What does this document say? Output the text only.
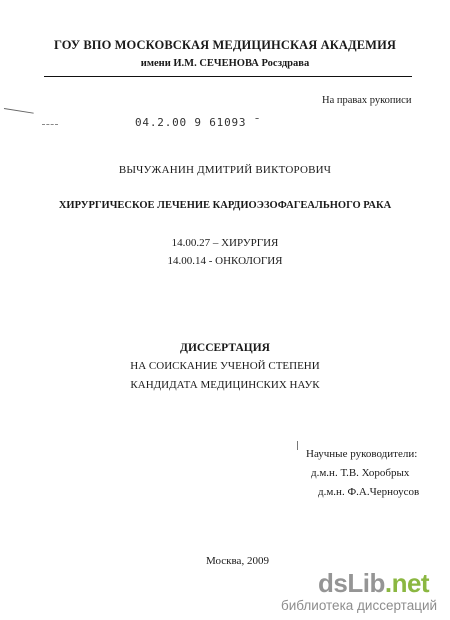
ГОУ ВПО МОСКОВСКАЯ МЕДИЦИНСКАЯ АКАДЕМИЯ
имени И.М. СЕЧЕНОВА Росздрава
На правах рукописи
04.2.00 9 61093 ˉ
ВЫЧУЖАНИН ДМИТРИЙ ВИКТОРОВИЧ
ХИРУРГИЧЕСКОЕ ЛЕЧЕНИЕ КАРДИОЭЗОФАГЕАЛЬНОГО РАКА
14.00.27 – ХИРУРГИЯ
14.00.14 - ОНКОЛОГИЯ
ДИССЕРТАЦИЯ
НА СОИСКАНИЕ УЧЕНОЙ СТЕПЕНИ
КАНДИДАТА МЕДИЦИНСКИХ НАУК
Научные руководители:
д.м.н. Т.В. Хоробрых
д.м.н. Ф.А.Черноусов
Москва, 2009
dsLib.net
библиотека диссертаций
